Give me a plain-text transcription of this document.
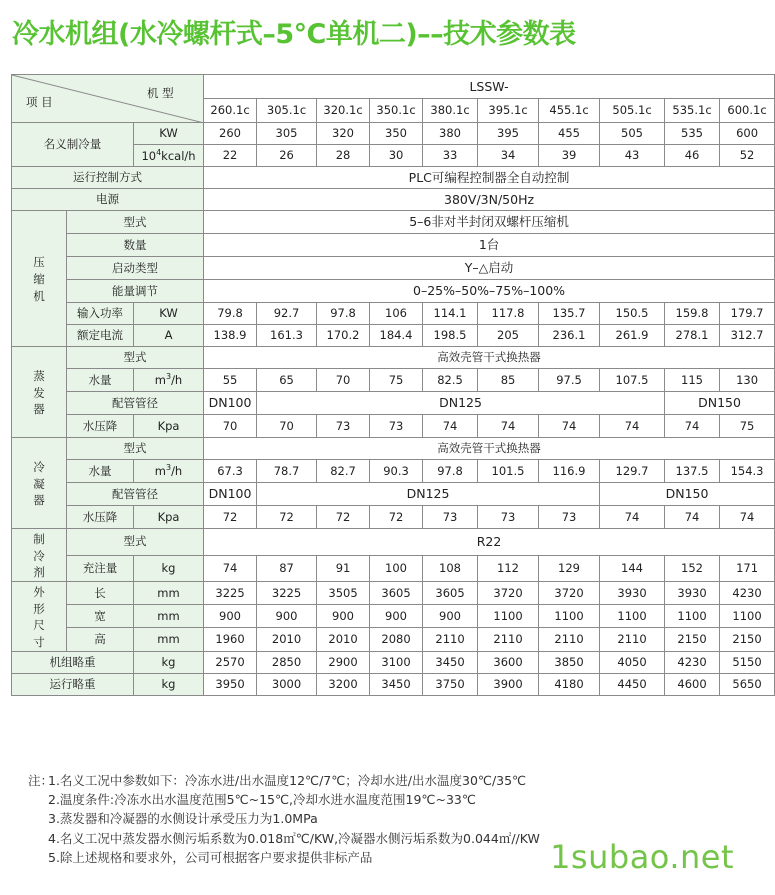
冷水机组(水冷螺杆式–5℃单机二)––技术参数表
机 型
项 目			LSSW-									
			260.1c	305.1c	320.1c	350.1c	380.1c	395.1c	455.1c	505.1c	535.1c	600.1c
名义制冷量		KW	260	305	320	350	380	395	455	505	535	600
		$10^4kcal/h$	22	26	28	30	33	34	39	43	46	52
运行控制方式			PLC可编程控制器全自动控制									
电源			380V/3N/50Hz									
压
缩
机	型式		5–6非对半封闭双螺杆压缩机									
	数量		1台									
	启动类型		Y–△启动									
	能量调节		0–25%–50%–75%–100%									
	输入功率	KW	79.8	92.7	97.8	106	114.1	117.8	135.7	150.5	159.8	179.7
	额定电流	A	138.9	161.3	170.2	184.4	198.5	205	236.1	261.9	278.1	312.7
蒸
发
器	型式		高效壳管干式换热器									
	水量	$m^3/h$	55	65	70	75	82.5	85	97.5	107.5	115	130
	配管管径		DN100	DN125							DN150	
	水压降	Kpa	70	70	73	73	74	74	74	74	74	75
冷
凝
器	型式		高效壳管干式换热器									
	水量	$m^3/h$	67.3	78.7	82.7	90.3	97.8	101.5	116.9	129.7	137.5	154.3
	配管管径		DN100	DN125						DN150		
	水压降	Kpa	72	72	72	72	73	73	73	74	74	74
制
冷
剂	型式		R22									
	充注量	kg	74	87	91	100	108	112	129	144	152	171
外
形
尺
寸	长	mm	3225	3225	3505	3605	3605	3720	3720	3930	3930	4230
	宽	mm	900	900	900	900	900	1100	1100	1100	1100	1100
	高	mm	1960	2010	2010	2080	2110	2110	2110	2110	2150	2150
机组略重		kg	2570	2850	2900	3100	3450	3600	3850	4050	4230	5150
运行略重		kg	3950	3000	3200	3450	3750	3900	4180	4450	4600	5650
注：1.名义工况中参数如下：冷冻水进/出水温度12℃/7℃；冷却水进/出水温度30℃/35℃
2.温度条件:冷冻水出水温度范围5℃~15℃,冷却水进水温度范围19℃~33℃
3.蒸发器和冷凝器的水侧设计承受压力为1.0MPa
4.名义工况中蒸发器水侧污垢系数为0.018㎡℃/KW,冷凝器水侧污垢系数为0.044㎡//KW
5.除上述规格和要求外，公司可根据客户要求提供非标产品	1subao.net
